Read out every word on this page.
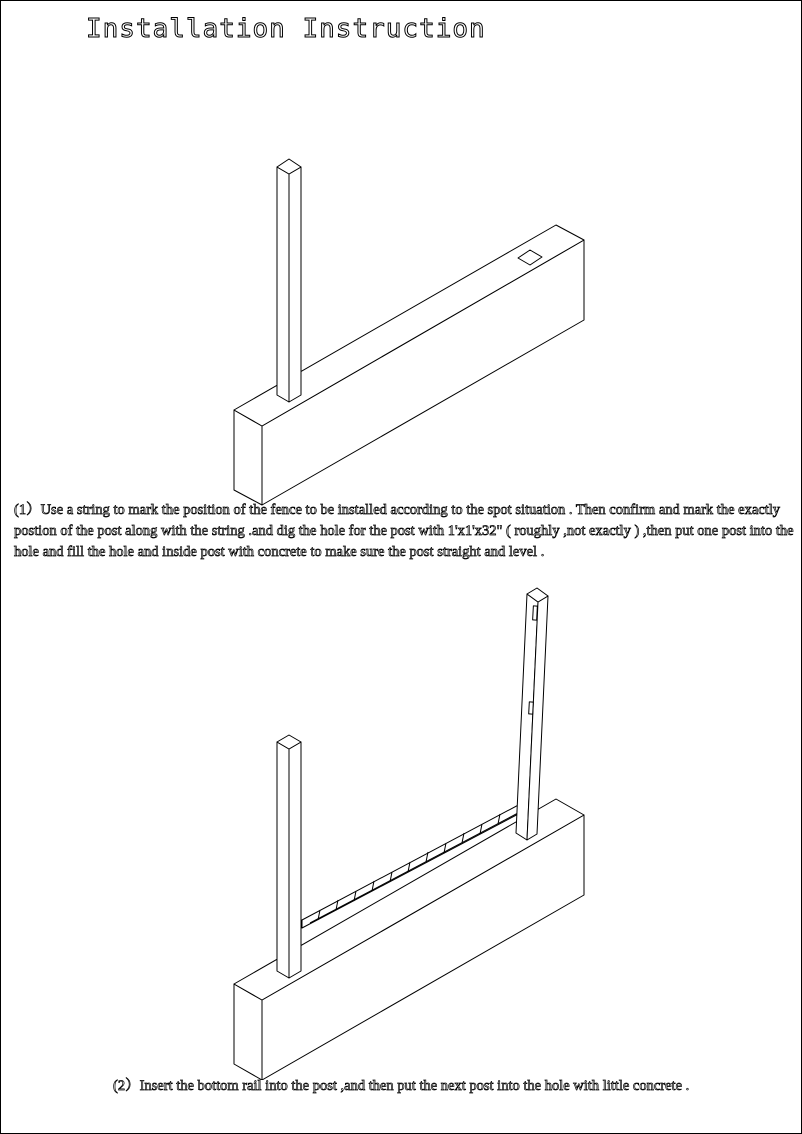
Installation Instruction
(1）Use a string to mark the position of the fence to be installed according to the spot situation . Then confirm and mark the exactly postion of the post along with the string .and dig the hole for the post with 1'x1'x32" ( roughly ,not exactly ) ,then put one post into the hole and fill the hole and inside post with concrete to make sure the post straight and level .
(2）Insert the bottom rail into the post ,and then put the next post into the hole with little concrete .
